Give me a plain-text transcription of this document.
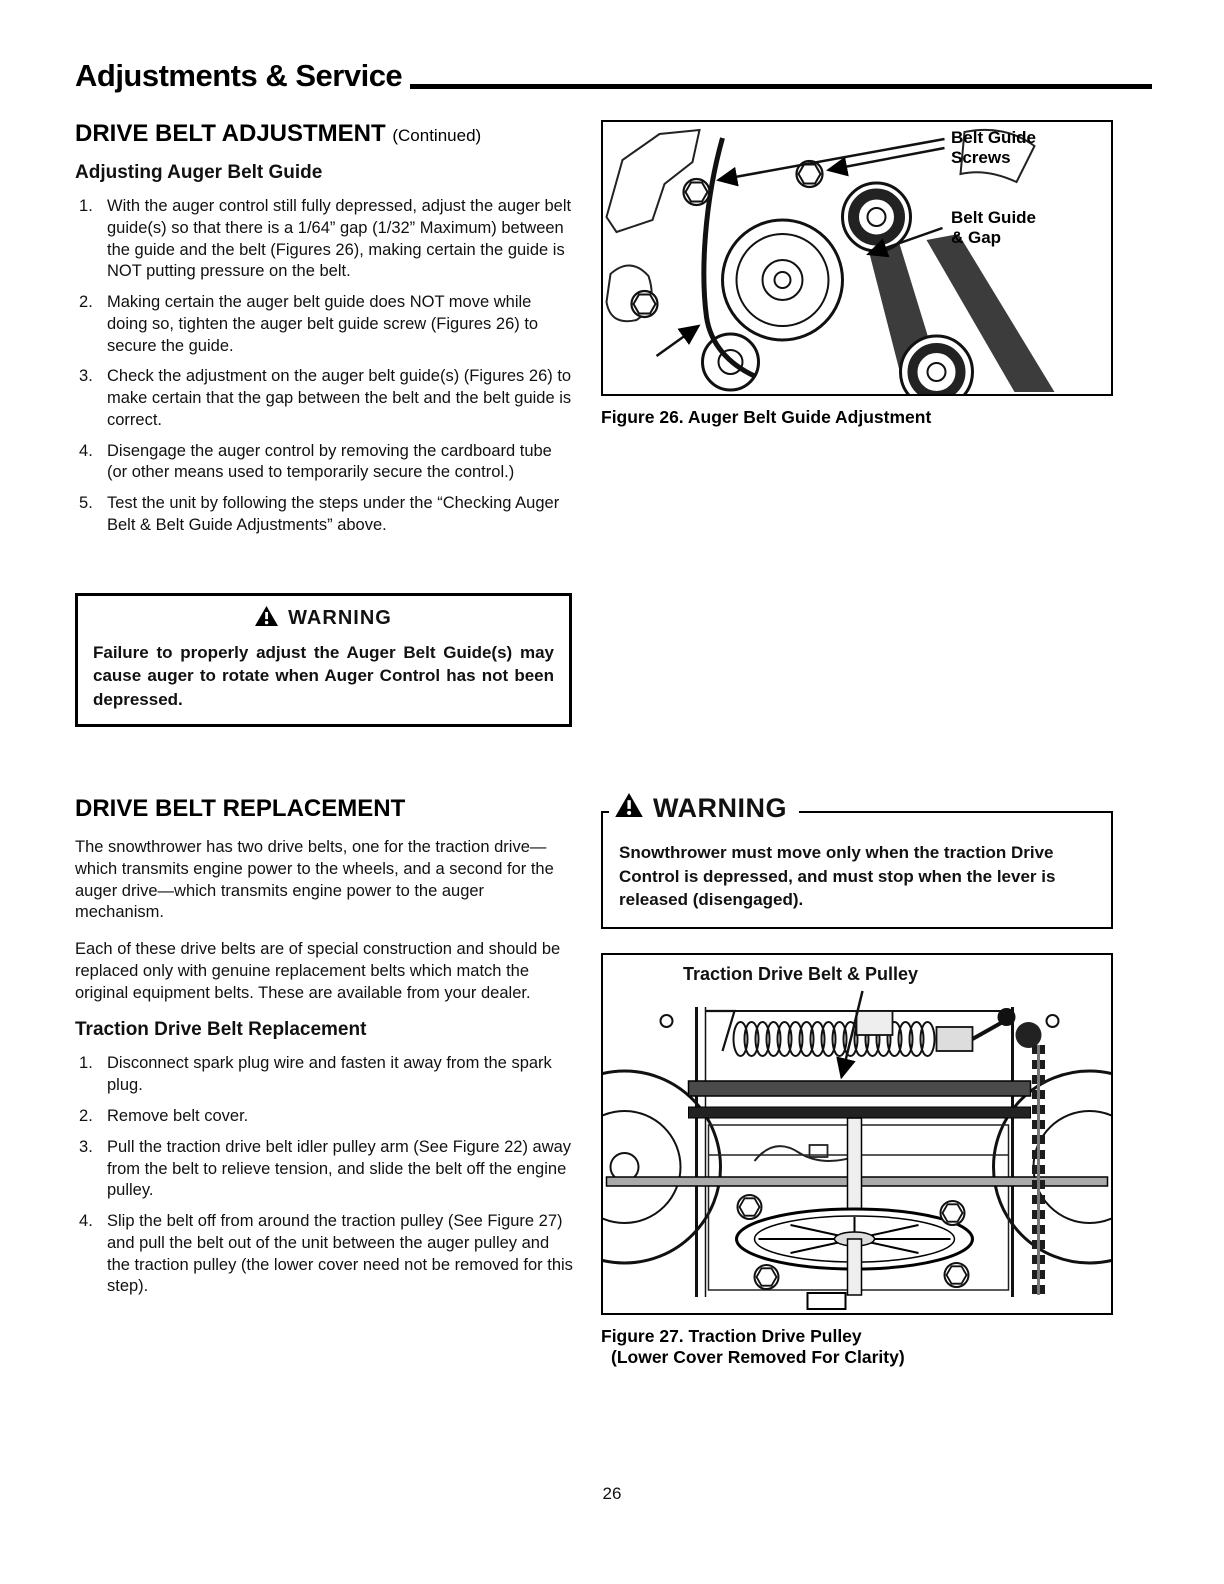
Adjustments & Service
DRIVE BELT ADJUSTMENT (Continued)
Adjusting Auger Belt Guide
With the auger control still fully depressed, adjust the auger belt guide(s) so that there is a 1/64” gap (1/32” Maximum) between the guide and the belt (Figures 26), making certain the guide is NOT putting pressure on the belt.
Making certain the auger belt guide does NOT move while doing so, tighten the auger belt guide screw (Figures 26) to secure the guide.
Check the adjustment on the auger belt guide(s) (Figures 26) to make certain that the gap between the belt and the belt guide is correct.
Disengage the auger control by removing the cardboard tube (or other means used to temporarily secure the control.)
Test the unit by following the steps under the “Checking Auger Belt & Belt Guide Adjustments” above.
WARNING
Failure to properly adjust the Auger Belt Guide(s) may cause auger to rotate when Auger Control has not been depressed.
Belt Guide
Screws
Belt Guide
& Gap
Figure 26. Auger Belt Guide Adjustment
DRIVE BELT REPLACEMENT

The snowthrower has two drive belts, one for the traction drive—which transmits engine power to the wheels, and a second for the auger drive—which transmits engine power to the auger mechanism.

Each of these drive belts are of special construction and should be replaced only with genuine replacement belts which match the original equipment belts. These are available from your dealer.

Traction Drive Belt Replacement
Disconnect spark plug wire and fasten it away from the spark plug.
Remove belt cover.
Pull the traction drive belt idler pulley arm (See Figure 22) away from the belt to relieve tension, and slide the belt off the engine pulley.
Slip the belt off from around the traction pulley (See Figure 27) and pull the belt out of the unit between the auger pulley and the traction pulley (the lower cover need not be removed for this step).
WARNING
Snowthrower must move only when the traction Drive Control is depressed, and must stop when the lever is released (disengaged).
Traction Drive Belt & Pulley
Figure 27. Traction Drive Pulley
(Lower Cover Removed For Clarity)
26
